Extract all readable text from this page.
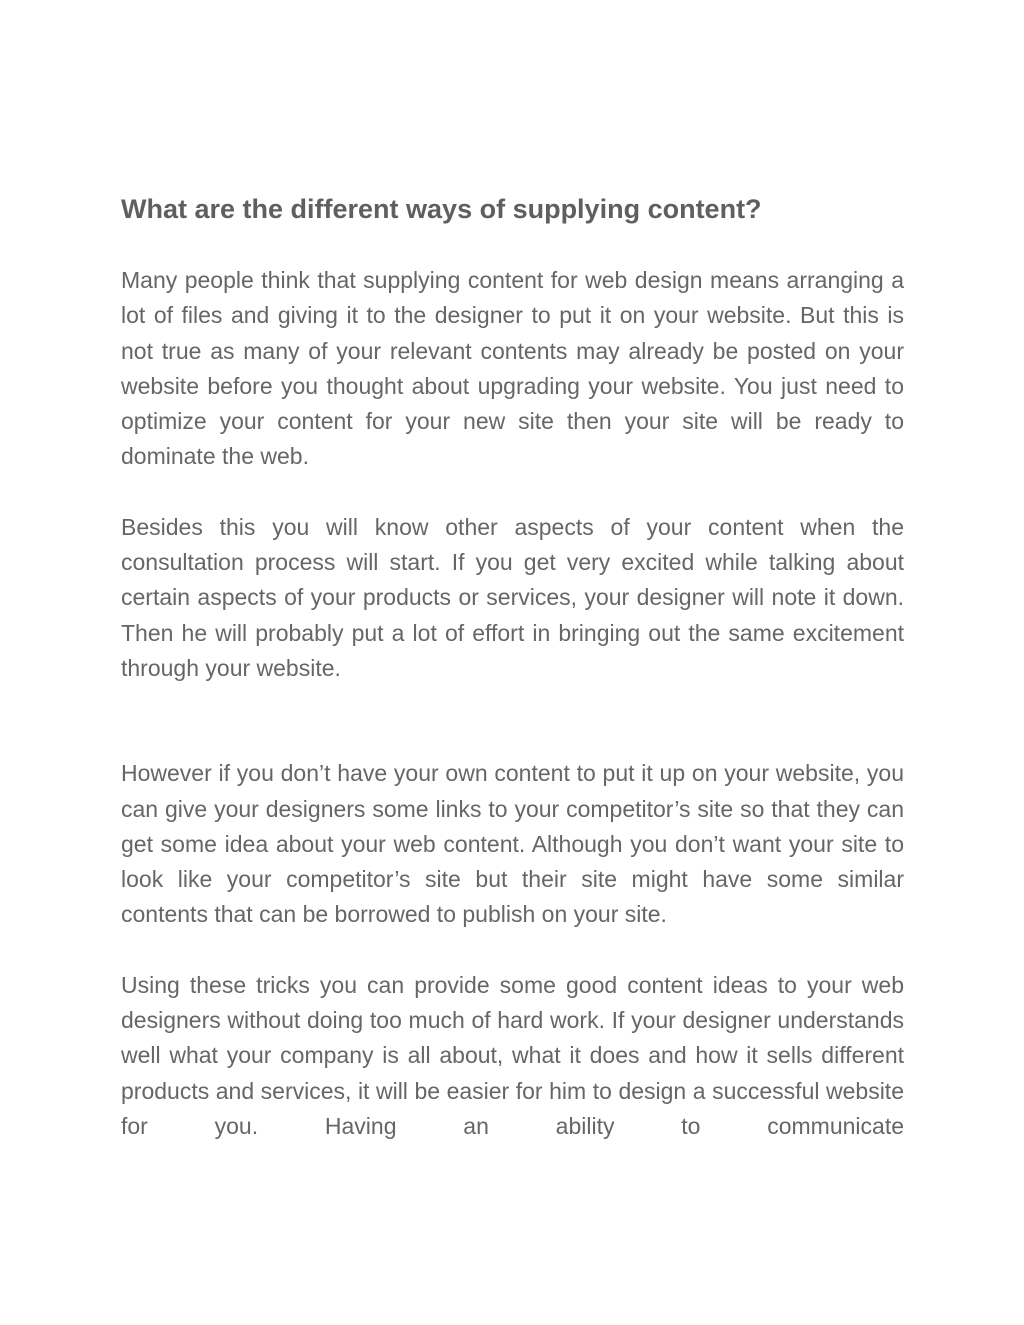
What are the different ways of supplying content?

Many people think that supplying content for web design means arranging a lot of files and giving it to the designer to put it on your website. But this is not true as many of your relevant contents may already be posted on your website before you thought about upgrading your website. You just need to optimize your content for your new site then your site will be ready to dominate the web.

Besides this you will know other aspects of your content when the consultation process will start. If you get very excited while talking about certain aspects of your products or services, your designer will note it down. Then he will probably put a lot of effort in bringing out the same excitement through your website.

However if you don’t have your own content to put it up on your website, you can give your designers some links to your competitor’s site so that they can get some idea about your web content. Although you don’t want your site to look like your competitor’s site but their site might have some similar contents that can be borrowed to publish on your site.

Using these tricks you can provide some good content ideas to your web designers without doing too much of hard work. If your designer understands well what your company is all about, what it does and how it sells different products and services, it will be easier for him to design a successful website for you. Having an ability to communicate
